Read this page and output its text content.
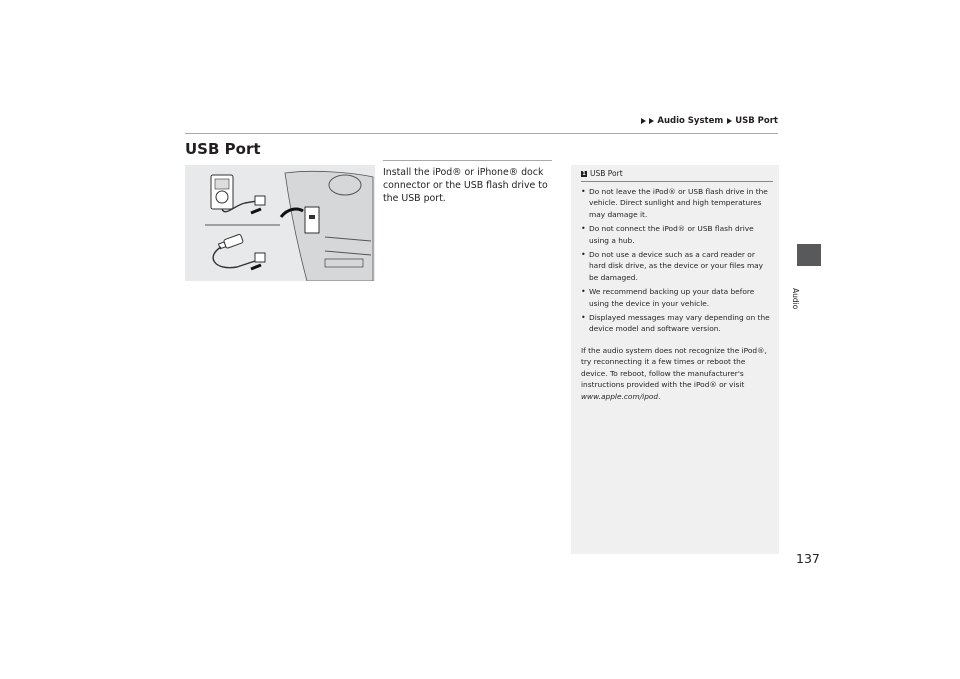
Audio System USB Port
USB Port
Audio
Install the iPod® or iPhone® dock connector or the USB flash drive to the USB port.
1 USB Port
• Do not leave the iPod® or USB flash drive in the vehicle. Direct sunlight and high temperatures may damage it.
• Do not connect the iPod® or USB flash drive using a hub.
• Do not use a device such as a card reader or hard disk drive, as the device or your files may be damaged.
• We recommend backing up your data before using the device in your vehicle.
• Displayed messages may vary depending on the device model and software version.

If the audio system does not recognize the iPod®, try reconnecting it a few times or reboot the device. To reboot, follow the manufacturer's instructions provided with the iPod® or visit www.apple.com/ipod.

137
